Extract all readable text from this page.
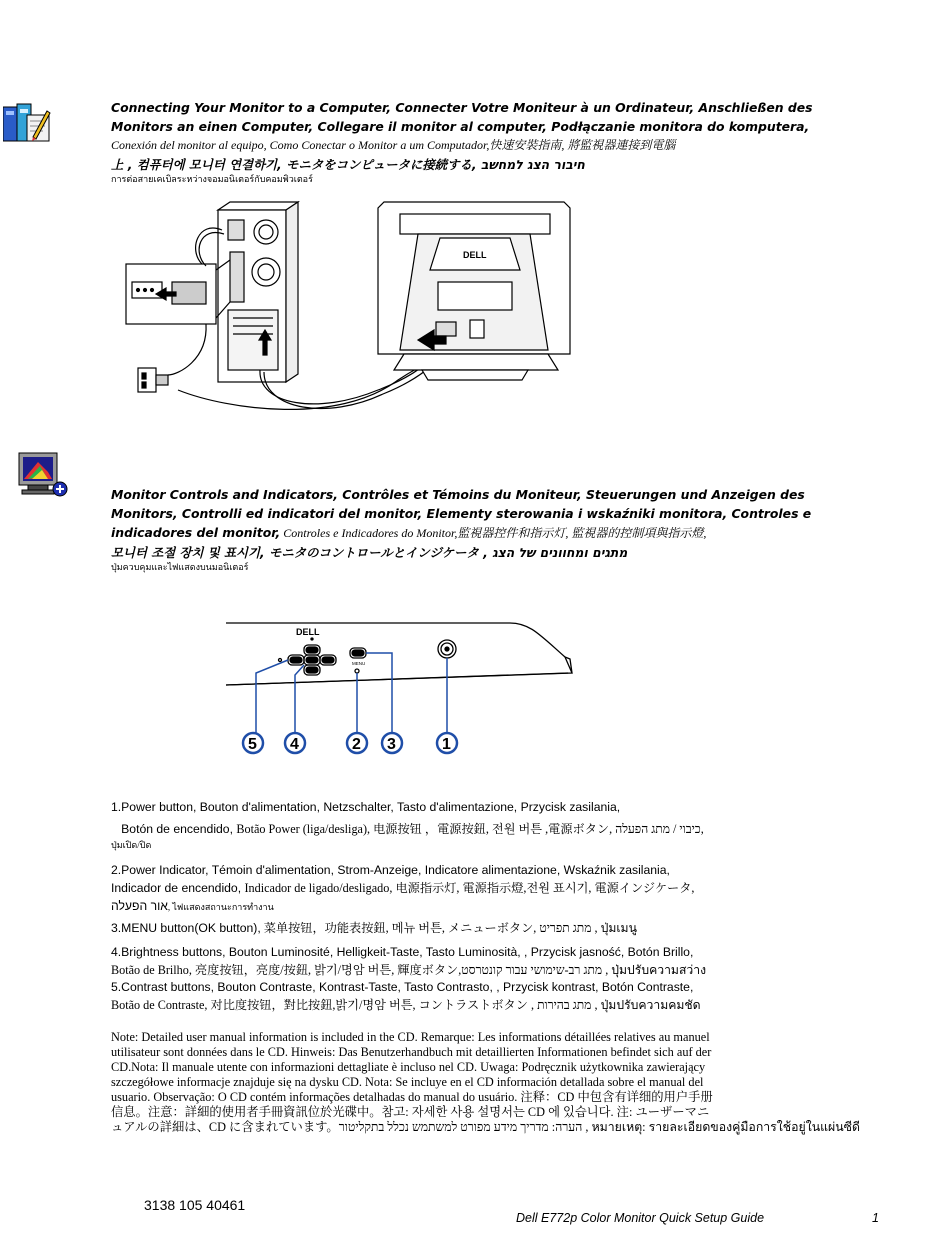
Connecting Your Monitor to a Computer, Connecter Votre Moniteur à un Ordinateur, Anschließen des
Monitors an einen Computer, Collegare il monitor al computer, Podłączanie monitora do komputera,
Conexión del monitor al equipo, Como Conectar o Monitor a um Computador,快速安裝指南, 將監視器連接到電腦
上 , 컴퓨터에 모니터 연결하기, モニタをコンピュータに接続する, חיבור הצג למחשב
การต่อสายเคเบิลระหว่างจอมอนิเตอร์กับคอมพิวเตอร์
DELL
Monitor Controls and Indicators, Contrôles et Témoins du Moniteur, Steuerungen und Anzeigen des
Monitors, Controlli ed indicatori del monitor, Elementy sterowania i wskaźniki monitora, Controles e
indicadores del monitor, Controles e Indicadores do Monitor,監視器控件和指示灯, 監視器的控制項與指示燈,
모니터 조절 장치 및 표시기, モニタのコントロールとインジケータ , מתגים ומחוונים של הצג
ปุ่มควบคุมและไฟแสดงบนมอนิเตอร์
DELL
MENU
5 4	2 3	1
1.Power button, Bouton d'alimentation, Netzschalter, Tasto d'alimentazione, Przycisk zasilania,
Botón de encendido, Botão Power (liga/desliga), 电源按钮 ，電源按鈕, 전원 버튼 ,電源ボタン, כיבוי / מתג הפעלה,
ปุ่มเปิด/ปิด
2.Power Indicator, Témoin d'alimentation, Strom-Anzeige, Indicatore alimentazione, Wskaźnik zasilania,
Indicador de encendido, Indicador de ligado/desligado, 电源指示灯, 電源指示燈,전원 표시기, 電源インジケータ,
אור הפעלה, ไฟแสดงสถานะการทำงาน
3.MENU button(OK button), 菜单按钮，功能表按鈕, 메뉴 버튼, メニューボタン, מתג תפריט , ปุ่มเมนู
4.Brightness buttons, Bouton Luminosité, Helligkeit-Taste, Tasto Luminosità, , Przycisk jasność, Botón Brillo,
Botão de Brilho, 亮度按钮，亮度/按鈕, 밝기/명암 버튼, 輝度ボタン,מתג רב-שימושי עבור קונטרסט , ปุ่มปรับความสว่าง
5.Contrast buttons, Bouton Contraste, Kontrast-Taste, Tasto Contrasto, , Przycisk kontrast, Botón Contraste,
Botão de Contraste, 对比度按钮，對比按鈕,밝기/명암 버튼, コントラストボタン , מתג בהירות , ปุ่มปรับความคมชัด
Note: Detailed user manual information is included in the CD. Remarque: Les informations détaillées relatives au manuel
utilisateur sont données dans le CD. Hinweis: Das Benutzerhandbuch mit detaillierten Informationen befindet sich auf der
CD.Nota: Il manuale utente con informazioni dettagliate è incluso nel CD. Uwaga: Podręcznik użytkownika zawierający
szczegółowe informacje znajduje się na dysku CD. Nota: Se incluye en el CD información detallada sobre el manual del
usuario. Observação: O CD contém informações detalhadas do manual do usuário. 注释：CD 中包含有详细的用户手册
信息。注意：詳細的使用者手冊資訊位於光碟中。참고: 자세한 사용 설명서는 CD 에 있습니다. 注: ユーザーマニ
ュアルの詳細は、CD に含まれています。הערה: מדריך מידע מפורט למשתמש נכלל בתקליטור , หมายเหตุ: รายละเอียดของคู่มือการใช้อยู่ในแผ่นซีดี
3138 105 40461
Dell E772p Color Monitor Quick Setup Guide	1
